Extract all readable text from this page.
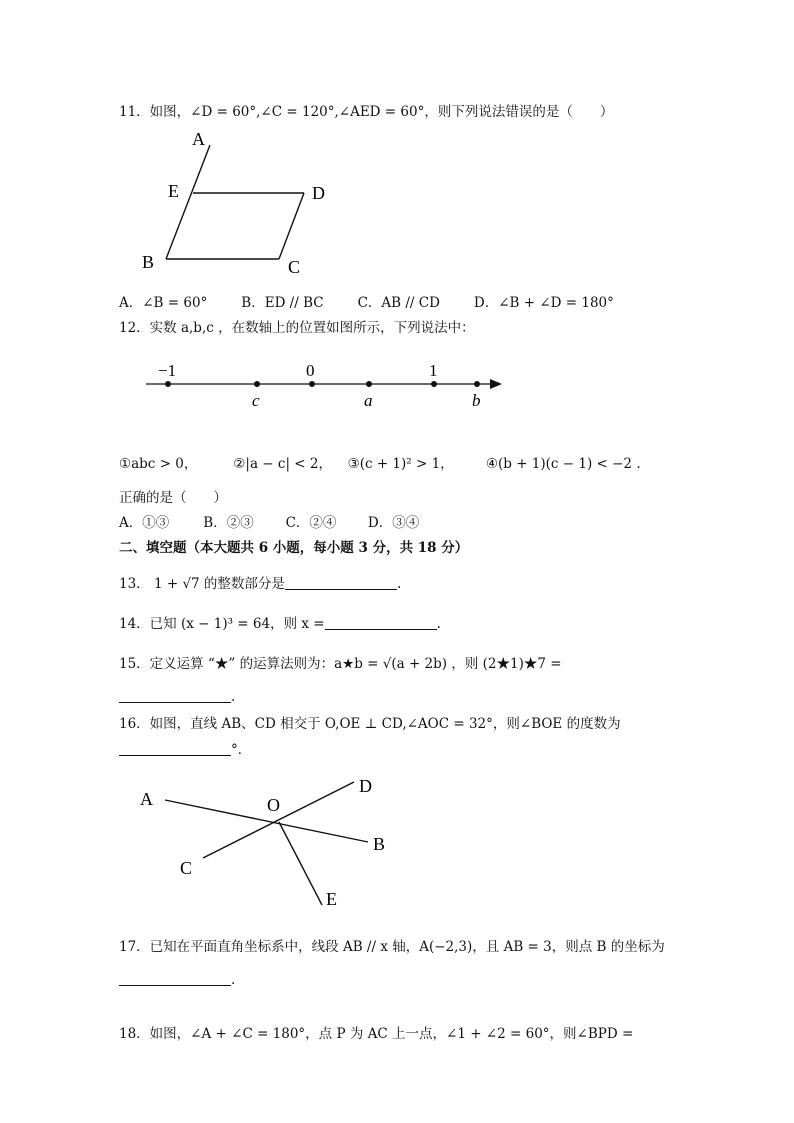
11．如图，∠D = 60°,∠C = 120°,∠AED = 60°，则下列说法错误的是（　　）
A
E	D
B	C
A．∠B = 60°	B．ED // BC	C．AB // CD	D．∠B + ∠D = 180°
12．实数 a,b,c ，在数轴上的位置如图所示，下列说法中：
−1	0	1
c	a	b
①abc > 0，	②|a − c| < 2， ③(c + 1)² > 1， ④(b + 1)(c − 1) < −2 .
正确的是（　　）
A．①③	B．②③ C．②④ D．③④
二、填空题（本大题共 6 小题，每小题 3 分，共 18 分）
13． 1 + √7 的整数部分是	.
14．已知 (x − 1)³ = 64，则 x =	.
15．定义运算 “★” 的运算法则为：a★b = √(a + 2b) ，则 (2★1)★7 =
.
16．如图，直线 AB、CD 相交于 O,OE ⊥ CD,∠AOC = 32°，则∠BOE 的度数为
°．
A	O
D
B
C
E
17．已知在平面直角坐标系中，线段 AB // x 轴，A(−2,3)，且 AB = 3，则点 B 的坐标为
.
18．如图，∠A + ∠C = 180°，点 P 为 AC 上一点，∠1 + ∠2 = 60°，则∠BPD =
